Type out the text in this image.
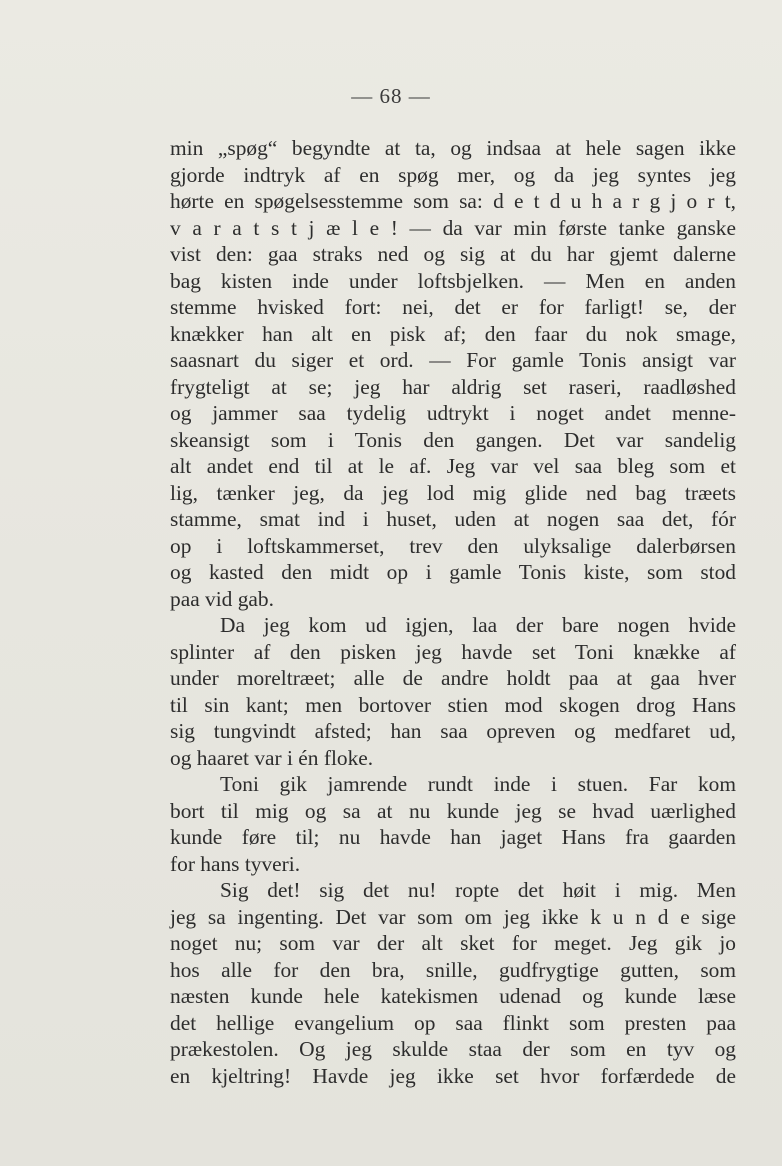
— 68 —
min „spøg“ begyndte at ta, og indsaa at hele sagen ikke
gjorde indtryk af en spøg mer, og da jeg syntes jeg
hørte en spøgelsesstemme som sa: d e t d u h a r g j o r t,
v a r a t s t j æ l e ! — da var min første tanke ganske
vist den: gaa straks ned og sig at du har gjemt dalerne
bag kisten inde under loftsbjelken. — Men en anden
stemme hvisked fort: nei, det er for farligt! se, der
knækker han alt en pisk af; den faar du nok smage,
saasnart du siger et ord. — For gamle Tonis ansigt var
frygteligt at se; jeg har aldrig set raseri, raadløshed
og jammer saa tydelig udtrykt i noget andet menne-
skeansigt som i Tonis den gangen. Det var sandelig
alt andet end til at le af. Jeg var vel saa bleg som et
lig, tænker jeg, da jeg lod mig glide ned bag træets
stamme, smat ind i huset, uden at nogen saa det, fór
op i loftskammerset, trev den ulyksalige dalerbørsen
og kasted den midt op i gamle Tonis kiste, som stod
paa vid gab.
Da jeg kom ud igjen, laa der bare nogen hvide
splinter af den pisken jeg havde set Toni knække af
under moreltræet; alle de andre holdt paa at gaa hver
til sin kant; men bortover stien mod skogen drog Hans
sig tungvindt afsted; han saa opreven og medfaret ud,
og haaret var i én floke.
Toni gik jamrende rundt inde i stuen. Far kom
bort til mig og sa at nu kunde jeg se hvad uærlighed
kunde føre til; nu havde han jaget Hans fra gaarden
for hans tyveri.
Sig det! sig det nu! ropte det høit i mig. Men
jeg sa ingenting. Det var som om jeg ikke k u n d e sige
noget nu; som var der alt sket for meget. Jeg gik jo
hos alle for den bra, snille, gudfrygtige gutten, som
næsten kunde hele katekismen udenad og kunde læse
det hellige evangelium op saa flinkt som presten paa
prækestolen. Og jeg skulde staa der som en tyv og
en kjeltring! Havde jeg ikke set hvor forfærdede de
